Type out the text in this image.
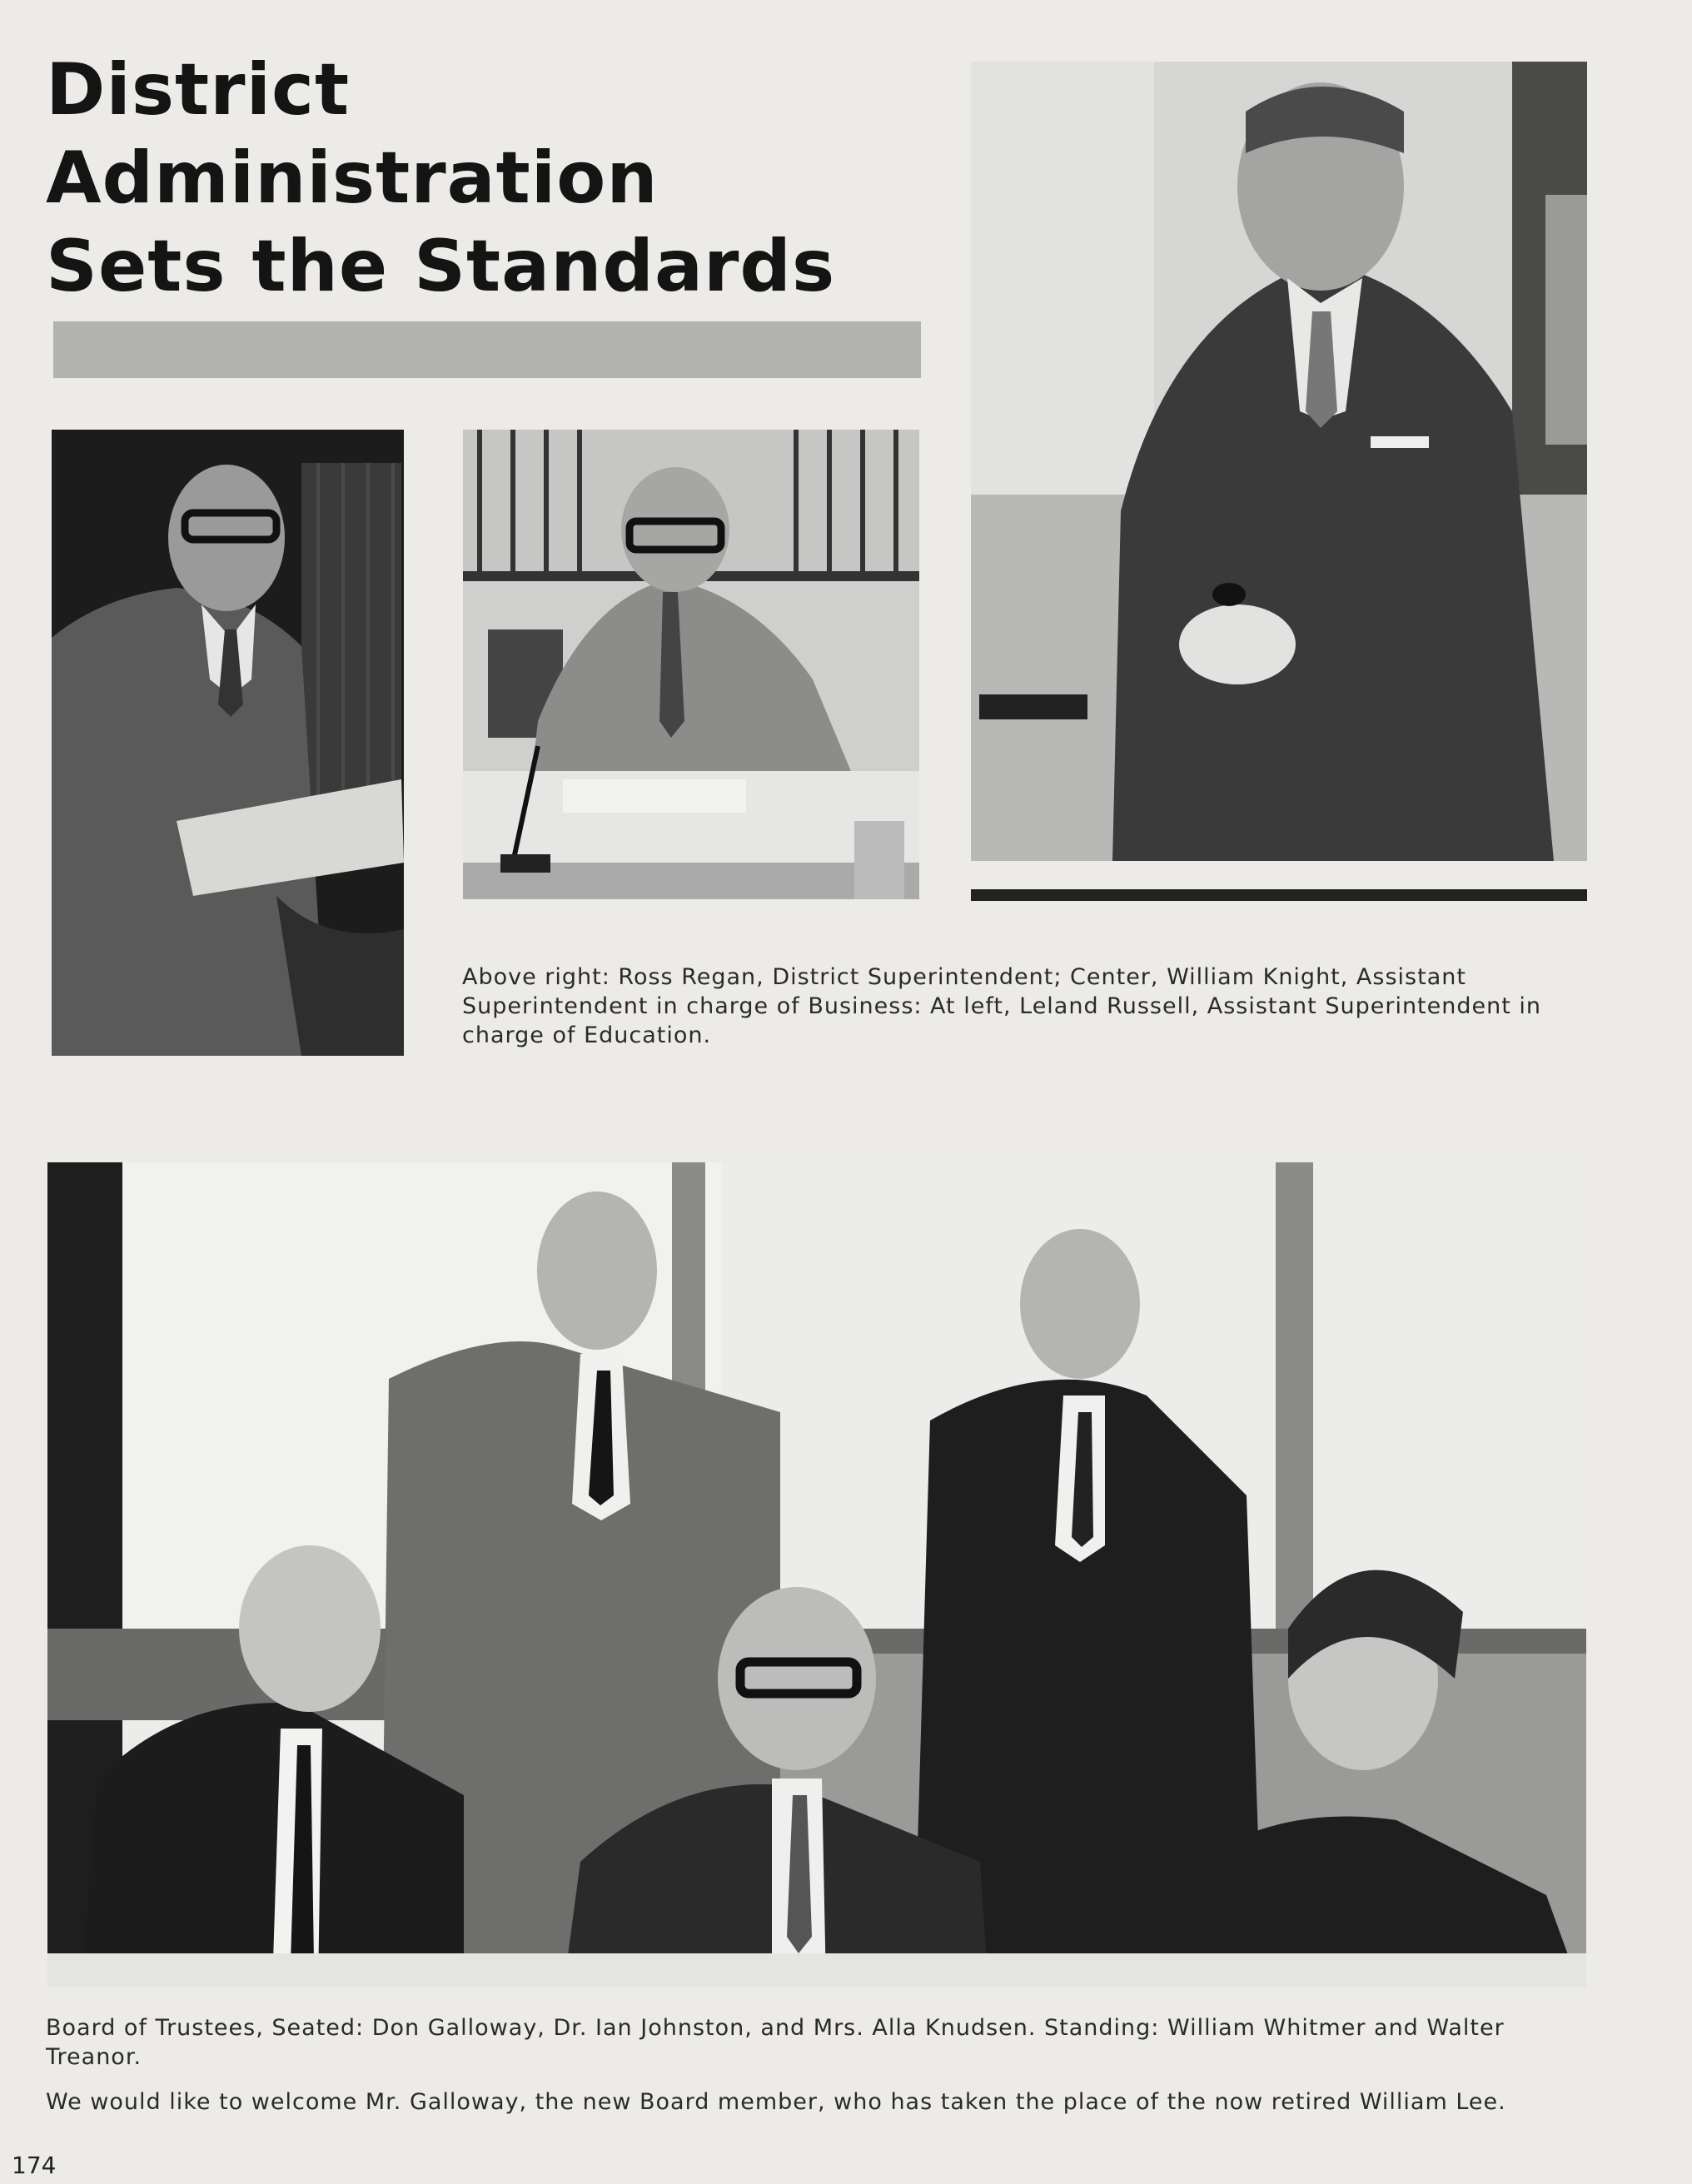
District Administration
Sets the Standards

Above right: Ross Regan, District Superintendent; Center, William Knight, Assistant Superintendent in charge of Business: At left, Leland Russell, Assistant Superintendent in charge of Education.

Board of Trustees, Seated: Don Galloway, Dr. Ian Johnston, and Mrs. Alla Knudsen. Standing: William Whitmer and Walter Treanor.

We would like to welcome Mr. Galloway, the new Board member, who has taken the place of the now retired William Lee.

174
